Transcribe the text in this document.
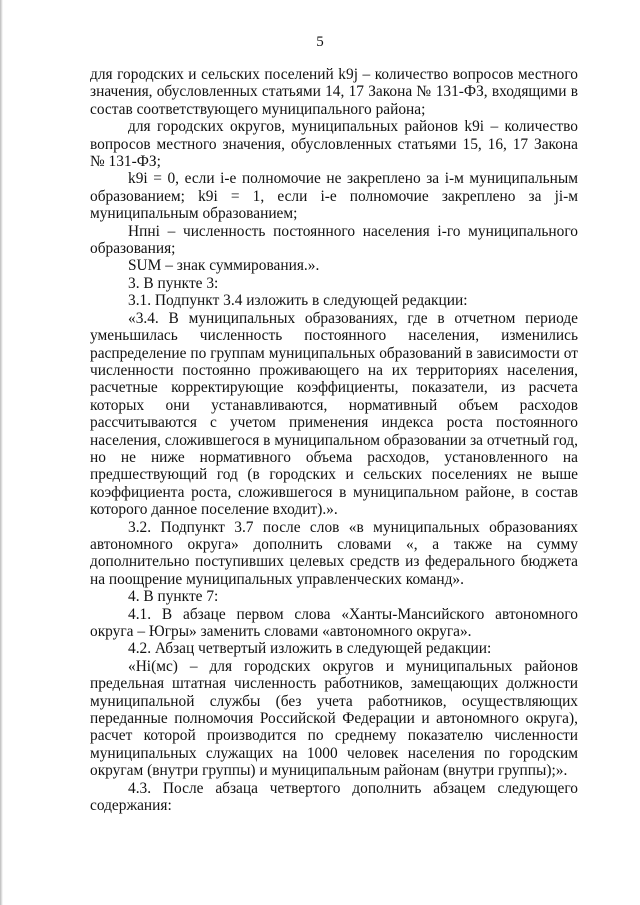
5

для городских и сельских поселений k9j – количество вопросов местного значения, обусловленных статьями 14, 17 Закона № 131-ФЗ, входящими в состав соответствующего муниципального района;

для городских округов, муниципальных районов k9i – количество вопросов местного значения, обусловленных статьями 15, 16, 17 Закона № 131-ФЗ;

k9i = 0, если i-е полномочие не закреплено за i-м муниципальным образованием; k9i = 1, если i-е полномочие закреплено за ji-м муниципальным образованием;

Нпні – численность постоянного населения i-го муниципального образования;

SUM – знак суммирования.».

3. В пункте 3:

3.1. Подпункт 3.4 изложить в следующей редакции:

«3.4. В муниципальных образованиях, где в отчетном периоде уменьшилась численность постоянного населения, изменились распределение по группам муниципальных образований в зависимости от численности постоянно проживающего на их территориях населения, расчетные корректирующие коэффициенты, показатели, из расчета которых они устанавливаются, нормативный объем расходов рассчитываются с учетом применения индекса роста постоянного населения, сложившегося в муниципальном образовании за отчетный год, но не ниже нормативного объема расходов, установленного на предшествующий год (в городских и сельских поселениях не выше коэффициента роста, сложившегося в муниципальном районе, в состав которого данное поселение входит).».

3.2. Подпункт 3.7 после слов «в муниципальных образованиях автономного округа» дополнить словами «, а также на сумму дополнительно поступивших целевых средств из федерального бюджета на поощрение муниципальных управленческих команд».

4. В пункте 7:

4.1. В абзаце первом слова «Ханты-Мансийского автономного округа – Югры» заменить словами «автономного округа».

4.2. Абзац четвертый изложить в следующей редакции:

«Hi(мс) – для городских округов и муниципальных районов предельная штатная численность работников, замещающих должности муниципальной службы (без учета работников, осуществляющих переданные полномочия Российской Федерации и автономного округа), расчет которой производится по среднему показателю численности муниципальных служащих на 1000 человек населения по городским округам (внутри группы) и муниципальным районам (внутри группы);».

4.3. После абзаца четвертого дополнить абзацем следующего содержания:
